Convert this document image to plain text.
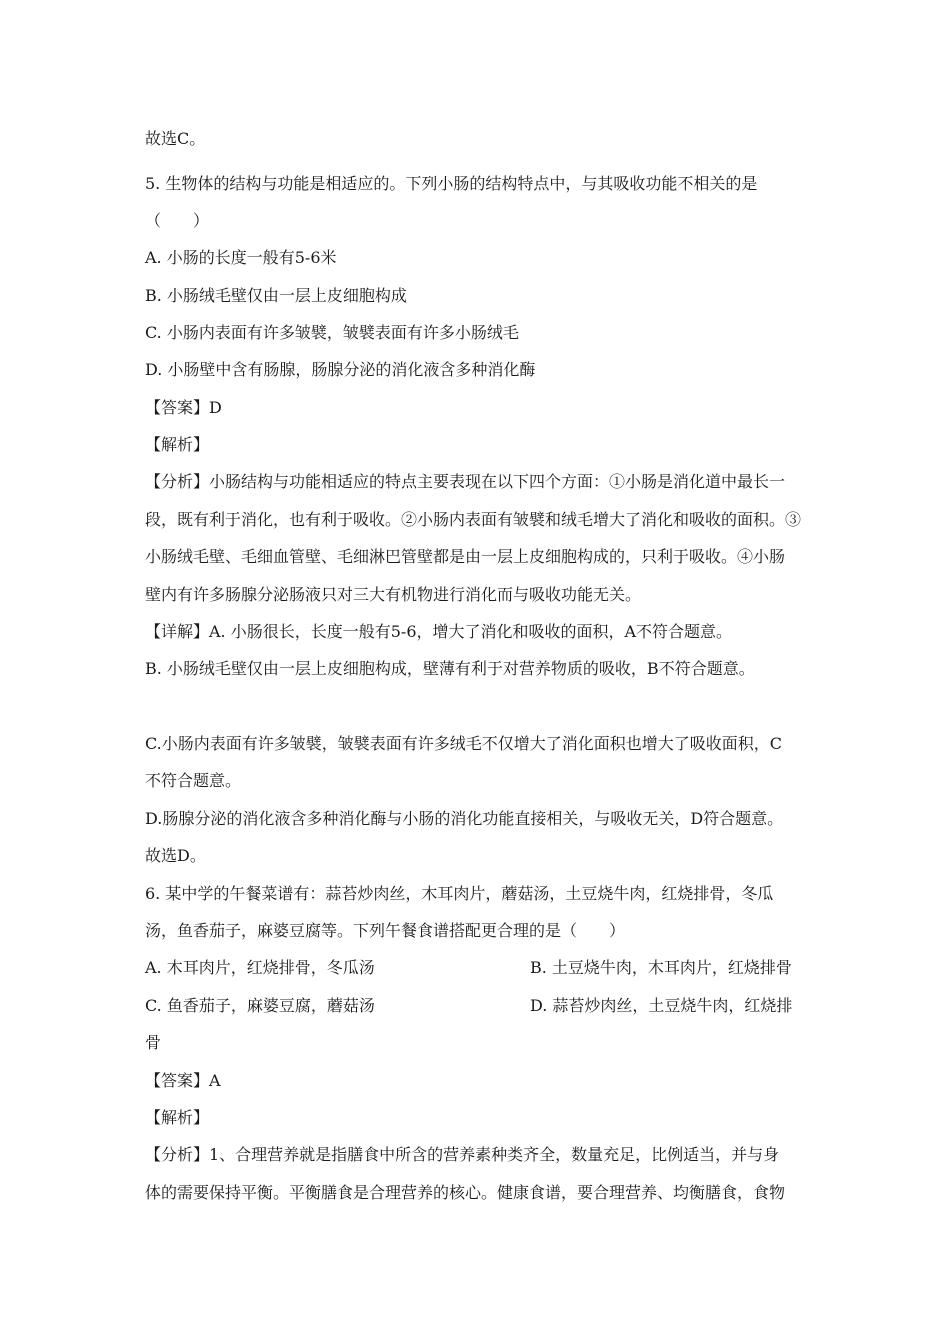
故选C。
5. 生物体的结构与功能是相适应的。下列小肠的结构特点中，与其吸收功能不相关的是
（　　）
A. 小肠的长度一般有5-6米
B. 小肠绒毛壁仅由一层上皮细胞构成
C. 小肠内表面有许多皱襞，皱襞表面有许多小肠绒毛
D. 小肠壁中含有肠腺，肠腺分泌的消化液含多种消化酶
【答案】D
【解析】
【分析】小肠结构与功能相适应的特点主要表现在以下四个方面：①小肠是消化道中最长一
段，既有利于消化，也有利于吸收。②小肠内表面有皱襞和绒毛增大了消化和吸收的面积。③
小肠绒毛壁、毛细血管壁、毛细淋巴管壁都是由一层上皮细胞构成的，只利于吸收。④小肠
壁内有许多肠腺分泌肠液只对三大有机物进行消化而与吸收功能无关。
【详解】A. 小肠很长，长度一般有5-6，增大了消化和吸收的面积，A不符合题意。
B. 小肠绒毛壁仅由一层上皮细胞构成，壁薄有利于对营养物质的吸收，B不符合题意。
C.小肠内表面有许多皱襞，皱襞表面有许多绒毛不仅增大了消化面积也增大了吸收面积，C
不符合题意。
D.肠腺分泌的消化液含多种消化酶与小肠的消化功能直接相关，与吸收无关，D符合题意。
故选D。
6. 某中学的午餐菜谱有：蒜苔炒肉丝，木耳肉片，蘑菇汤，土豆烧牛肉，红烧排骨，冬瓜
汤，鱼香茄子，麻婆豆腐等。下列午餐食谱搭配更合理的是（　　）
A. 木耳肉片，红烧排骨，冬瓜汤	B. 土豆烧牛肉，木耳肉片，红烧排骨
C. 鱼香茄子，麻婆豆腐，蘑菇汤	D. 蒜苔炒肉丝，土豆烧牛肉，红烧排
骨
【答案】A
【解析】
【分析】1、合理营养就是指膳食中所含的营养素种类齐全，数量充足，比例适当，并与身
体的需要保持平衡。平衡膳食是合理营养的核心。健康食谱，要合理营养、均衡膳食，食物
